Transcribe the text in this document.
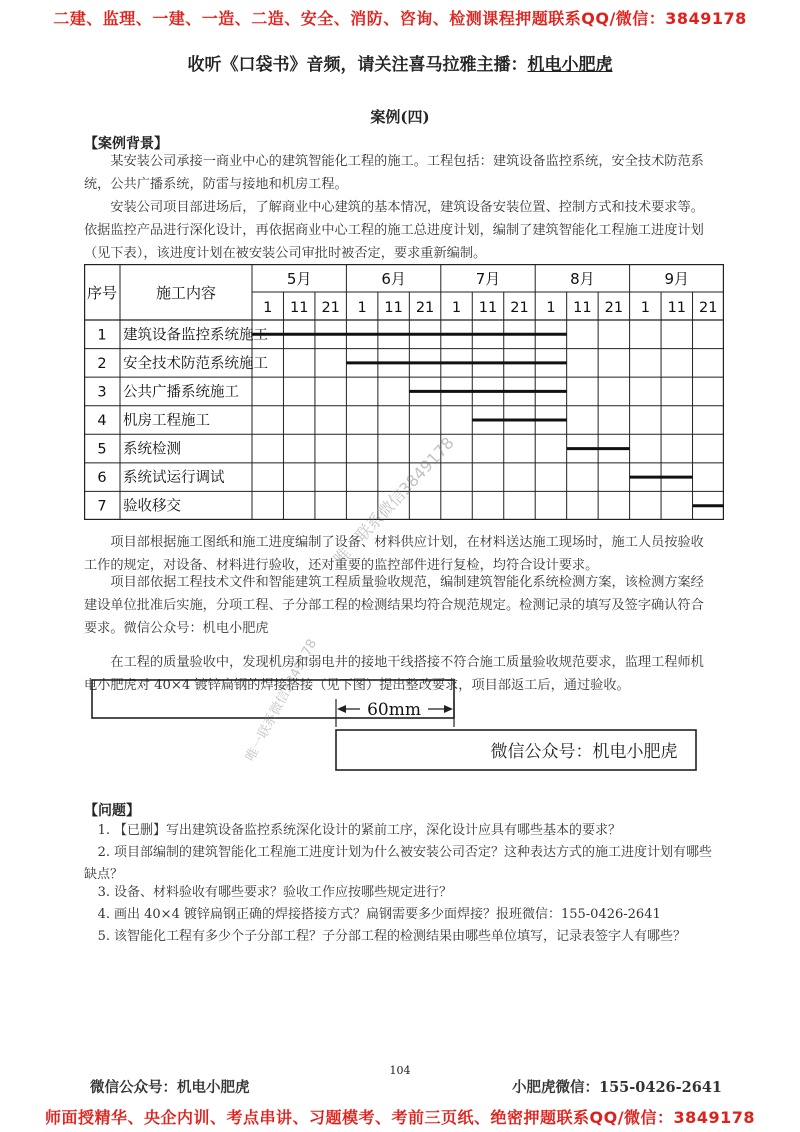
二建、监理、一建、一造、二造、安全、消防、咨询、检测课程押题联系QQ/微信：3849178
收听《口袋书》音频，请关注喜马拉雅主播：机电小肥虎
案例(四)
【案例背景】
某安装公司承接一商业中心的建筑智能化工程的施工。工程包括：建筑设备监控系统，安全技术防范系统，公共广播系统，防雷与接地和机房工程。
安装公司项目部进场后，了解商业中心建筑的基本情况，建筑设备安装位置、控制方式和技术要求等。依据监控产品进行深化设计，再依据商业中心工程的施工总进度计划，编制了建筑智能化工程施工进度计划（见下表），该进度计划在被安装公司审批时被否定，要求重新编制。
序号	施工内容
5月
1 11 21
6月
1 11 21
7月
1 11 21
8月
1 11 21
9月
1 11 21
1 建筑设备监控系统施工
2 安全技术防范系统施工
3 公共广播系统施工
4 机房工程施工
5 系统检测
6 系统试运行调试
7 验收移交
项目部根据施工图纸和施工进度编制了设备、材料供应计划，在材料送达施工现场时，施工人员按验收工作的规定，对设备、材料进行验收，还对重要的监控部件进行复检，均符合设计要求。
项目部依据工程技术文件和智能建筑工程质量验收规范，编制建筑智能化系统检测方案，该检测方案经建设单位批准后实施，分项工程、子分部工程的检测结果均符合规范规定。检测记录的填写及签字确认符合要求。微信公众号：机电小肥虎
在工程的质量验收中，发现机房和弱电井的接地干线搭接不符合施工质量验收规范要求，监理工程师机电小肥虎对 40×4 镀锌扁钢的焊接搭接（见下图）提出整改要求，项目部返工后，通过验收。
60mm
微信公众号：机电小肥虎
【问题】
1. 【已删】写出建筑设备监控系统深化设计的紧前工序，深化设计应具有哪些基本的要求？
2. 项目部编制的建筑智能化工程施工进度计划为什么被安装公司否定？这种表达方式的施工进度计划有哪些缺点？
3. 设备、材料验收有哪些要求？验收工作应按哪些规定进行？
4. 画出 40×4 镀锌扁钢正确的焊接搭接方式？扁钢需要多少面焊接？报班微信：155-0426-2641
5. 该智能化工程有多少个子分部工程？子分部工程的检测结果由哪些单位填写，记录表签字人有哪些？
104
微信公众号：机电小肥虎	小肥虎微信：155-0426-2641
师面授精华、央企内训、考点串讲、习题模考、考前三页纸、绝密押题联系QQ/微信：3849178
唯一联系微信3849178
唯一联系微信3849178
